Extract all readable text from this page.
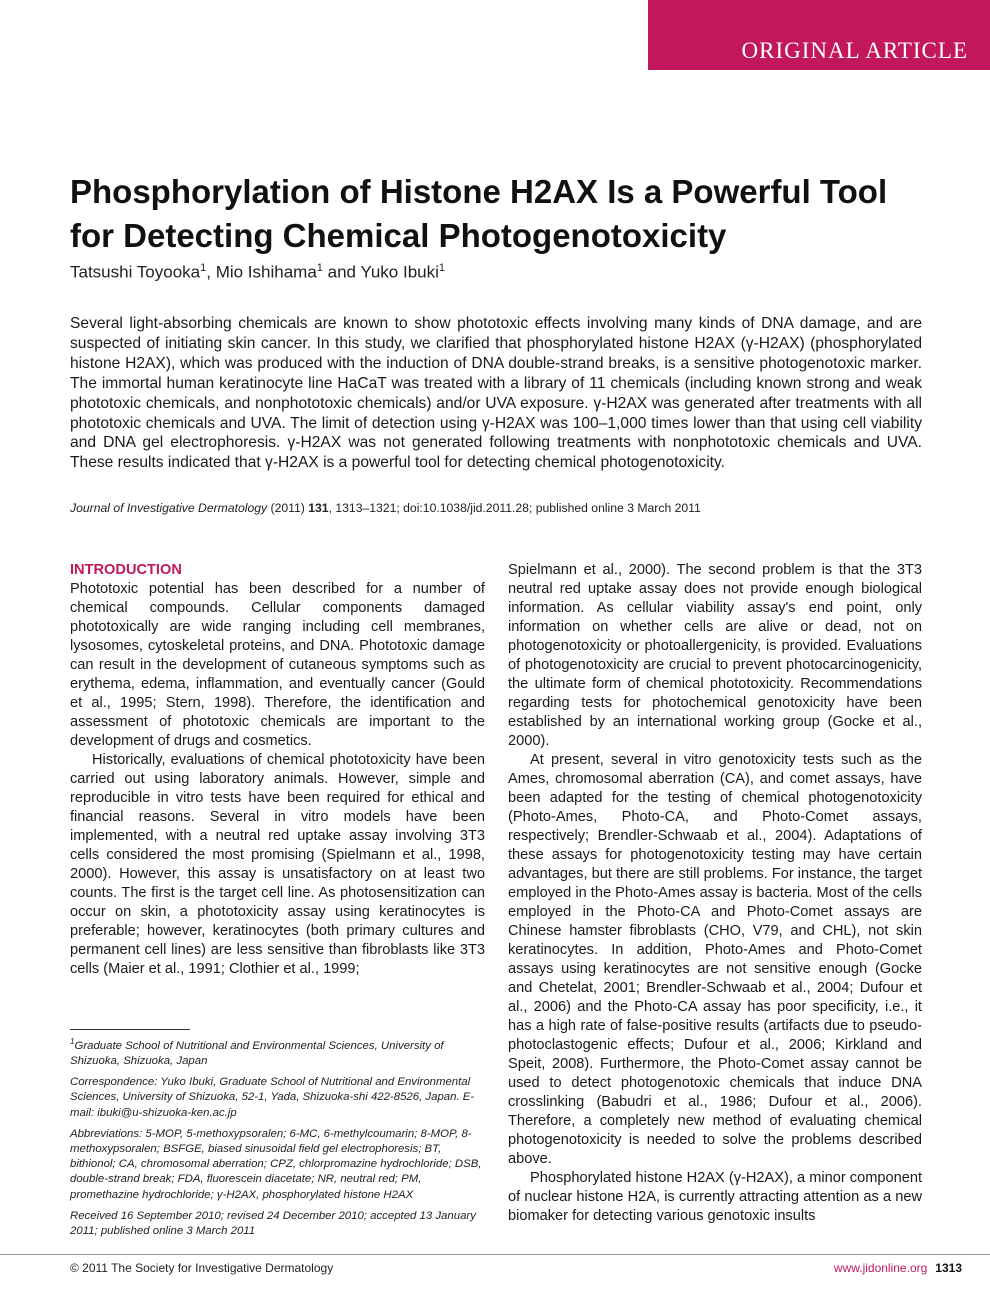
ORIGINAL ARTICLE
Phosphorylation of Histone H2AX Is a Powerful Tool for Detecting Chemical Photogenotoxicity
Tatsushi Toyooka$^1$, Mio Ishihama$^1$ and Yuko Ibuki$^1$

Several light-absorbing chemicals are known to show phototoxic effects involving many kinds of DNA damage, and are suspected of initiating skin cancer. In this study, we clarified that phosphorylated histone H2AX (γ-H2AX) (phosphorylated histone H2AX), which was produced with the induction of DNA double-strand breaks, is a sensitive photogenotoxic marker. The immortal human keratinocyte line HaCaT was treated with a library of 11 chemicals (including known strong and weak phototoxic chemicals, and nonphototoxic chemicals) and/or UVA exposure. γ-H2AX was generated after treatments with all phototoxic chemicals and UVA. The limit of detection using γ-H2AX was 100–1,000 times lower than that using cell viability and DNA gel electrophoresis. γ-H2AX was not generated following treatments with nonphototoxic chemicals and UVA. These results indicated that γ-H2AX is a powerful tool for detecting chemical photogenotoxicity.

Journal of Investigative Dermatology (2011) 131, 1313–1321; doi:10.1038/jid.2011.28; published online 3 March 2011
INTRODUCTION

Phototoxic potential has been described for a number of chemical compounds. Cellular components damaged phototoxically are wide ranging including cell membranes, lysosomes, cytoskeletal proteins, and DNA. Phototoxic damage can result in the development of cutaneous symptoms such as erythema, edema, inflammation, and eventually cancer (Gould et al., 1995; Stern, 1998). Therefore, the identification and assessment of phototoxic chemicals are important to the development of drugs and cosmetics.

Historically, evaluations of chemical phototoxicity have been carried out using laboratory animals. However, simple and reproducible in vitro tests have been required for ethical and financial reasons. Several in vitro models have been implemented, with a neutral red uptake assay involving 3T3 cells considered the most promising (Spielmann et al., 1998, 2000). However, this assay is unsatisfactory on at least two counts. The first is the target cell line. As photosensitization can occur on skin, a phototoxicity assay using keratinocytes is preferable; however, keratinocytes (both primary cultures and permanent cell lines) are less sensitive than fibroblasts like 3T3 cells (Maier et al., 1991; Clothier et al., 1999;

Spielmann et al., 2000). The second problem is that the 3T3 neutral red uptake assay does not provide enough biological information. As cellular viability assay's end point, only information on whether cells are alive or dead, not on photogenotoxicity or photoallergenicity, is provided. Evaluations of photogenotoxicity are crucial to prevent photocarcinogenicity, the ultimate form of chemical phototoxicity. Recommendations regarding tests for photochemical genotoxicity have been established by an international working group (Gocke et al., 2000).

At present, several in vitro genotoxicity tests such as the Ames, chromosomal aberration (CA), and comet assays, have been adapted for the testing of chemical photogenotoxicity (Photo-Ames, Photo-CA, and Photo-Comet assays, respectively; Brendler-Schwaab et al., 2004). Adaptations of these assays for photogenotoxicity testing may have certain advantages, but there are still problems. For instance, the target employed in the Photo-Ames assay is bacteria. Most of the cells employed in the Photo-CA and Photo-Comet assays are Chinese hamster fibroblasts (CHO, V79, and CHL), not skin keratinocytes. In addition, Photo-Ames and Photo-Comet assays using keratinocytes are not sensitive enough (Gocke and Chetelat, 2001; Brendler-Schwaab et al., 2004; Dufour et al., 2006) and the Photo-CA assay has poor specificity, i.e., it has a high rate of false-positive results (artifacts due to pseudo-photoclastogenic effects; Dufour et al., 2006; Kirkland and Speit, 2008). Furthermore, the Photo-Comet assay cannot be used to detect photogenotoxic chemicals that induce DNA crosslinking (Babudri et al., 1986; Dufour et al., 2006). Therefore, a completely new method of evaluating chemical photogenotoxicity is needed to solve the problems described above.

Phosphorylated histone H2AX (γ-H2AX), a minor component of nuclear histone H2A, is currently attracting attention as a new biomaker for detecting various genotoxic insults

$^1$Graduate School of Nutritional and Environmental Sciences, University of Shizuoka, Shizuoka, Japan

Correspondence: Yuko Ibuki, Graduate School of Nutritional and Environmental Sciences, University of Shizuoka, 52-1, Yada, Shizuoka-shi 422-8526, Japan. E-mail: ibuki@u-shizuoka-ken.ac.jp

Abbreviations: 5-MOP, 5-methoxypsoralen; 6-MC, 6-methylcoumarin; 8-MOP, 8-methoxypsoralen; BSFGE, biased sinusoidal field gel electrophoresis; BT, bithionol; CA, chromosomal aberration; CPZ, chlorpromazine hydrochloride; DSB, double-strand break; FDA, fluorescein diacetate; NR, neutral red; PM, promethazine hydrochloride; γ-H2AX, phosphorylated histone H2AX

Received 16 September 2010; revised 24 December 2010; accepted 13 January 2011; published online 3 March 2011

© 2011 The Society for Investigative Dermatology	www.jidonline.org 1313
